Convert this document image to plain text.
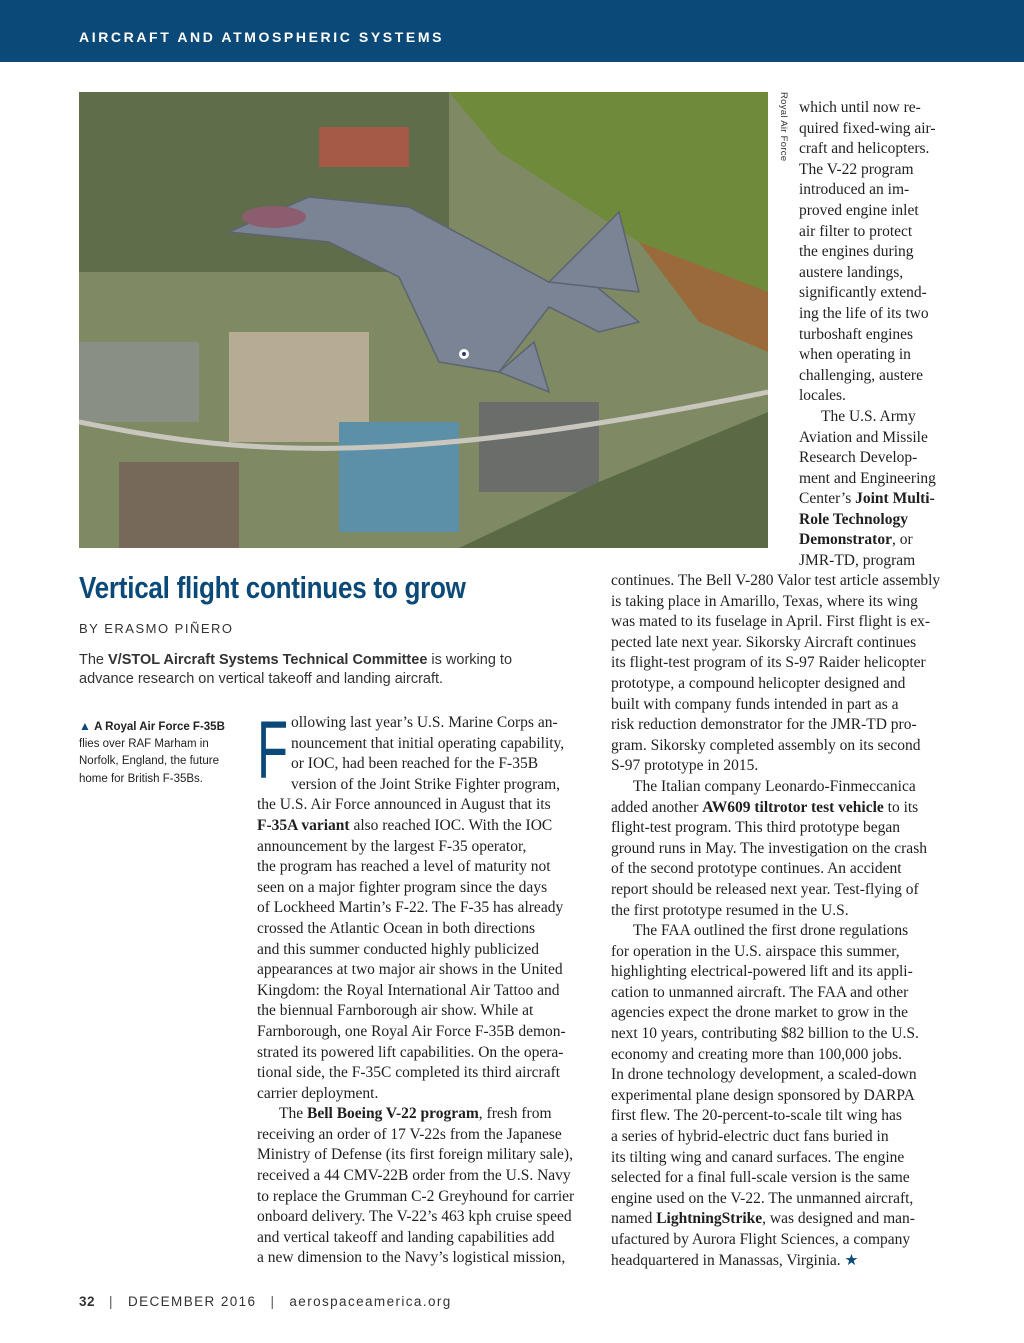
AIRCRAFT AND ATMOSPHERIC SYSTEMS
Royal Air Force
Vertical flight continues to grow
BY ERASMO PIÑERO
The V/STOL Aircraft Systems Technical Committee is working to advance research on vertical takeoff and landing aircraft.
▲ A Royal Air Force F-35B
flies over RAF Marham in Norfolk, England, the future home for British F-35Bs. F ollowing last year’s U.S. Marine Corps an-
nouncement that initial operating capability,
or IOC, had been reached for the F-35B
version of the Joint Strike Fighter program,
the U.S. Air Force announced in August that its
F-35A variant also reached IOC. With the IOC
announcement by the largest F-35 operator,
the program has reached a level of maturity not
seen on a major fighter program since the days
of Lockheed Martin’s F-22. The F-35 has already
crossed the Atlantic Ocean in both directions
and this summer conducted highly publicized
appearances at two major air shows in the United
Kingdom: the Royal International Air Tattoo and
the biennual Farnborough air show. While at
Farnborough, one Royal Air Force F-35B demon-
strated its powered lift capabilities. On the opera-
tional side, the F-35C completed its third aircraft
carrier deployment.
The Bell Boeing V-22 program, fresh from
receiving an order of 17 V-22s from the Japanese
Ministry of Defense (its first foreign military sale),
received a 44 CMV-22B order from the U.S. Navy
to replace the Grumman C-2 Greyhound for carrier
onboard delivery. The V-22’s 463 kph cruise speed
and vertical takeoff and landing capabilities add
a new dimension to the Navy’s logistical mission,
which until now re-
quired fixed-wing air-
craft and helicopters.
The V-22 program
introduced an im-
proved engine inlet
air filter to protect
the engines during
austere landings,
significantly extend-
ing the life of its two
turboshaft engines
when operating in
challenging, austere
locales.
The U.S. Army
Aviation and Missile
Research Develop-
ment and Engineering
Center’s Joint Multi-
Role Technology
Demonstrator, or
JMR-TD, program
continues. The Bell V-280 Valor test article assembly
is taking place in Amarillo, Texas, where its wing
was mated to its fuselage in April. First flight is ex-
pected late next year. Sikorsky Aircraft continues
its flight-test program of its S-97 Raider helicopter
prototype, a compound helicopter designed and
built with company funds intended in part as a
risk reduction demonstrator for the JMR-TD pro-
gram. Sikorsky completed assembly on its second
S-97 prototype in 2015.
The Italian company Leonardo-Finmeccanica
added another AW609 tiltrotor test vehicle to its
flight-test program. This third prototype began
ground runs in May. The investigation on the crash
of the second prototype continues. An accident
report should be released next year. Test-flying of
the first prototype resumed in the U.S.
The FAA outlined the first drone regulations
for operation in the U.S. airspace this summer,
highlighting electrical-powered lift and its appli-
cation to unmanned aircraft. The FAA and other
agencies expect the drone market to grow in the
next 10 years, contributing $82 billion to the U.S.
economy and creating more than 100,000 jobs.
In drone technology development, a scaled-down
experimental plane design sponsored by DARPA
first flew. The 20-percent-to-scale tilt wing has
a series of hybrid-electric duct fans buried in
its tilting wing and canard surfaces. The engine
selected for a final full-scale version is the same
engine used on the V-22. The unmanned aircraft,
named LightningStrike, was designed and man-
ufactured by Aurora Flight Sciences, a company
headquartered in Manassas, Virginia. ★
32 | DECEMBER 2016 | aerospaceamerica.org
